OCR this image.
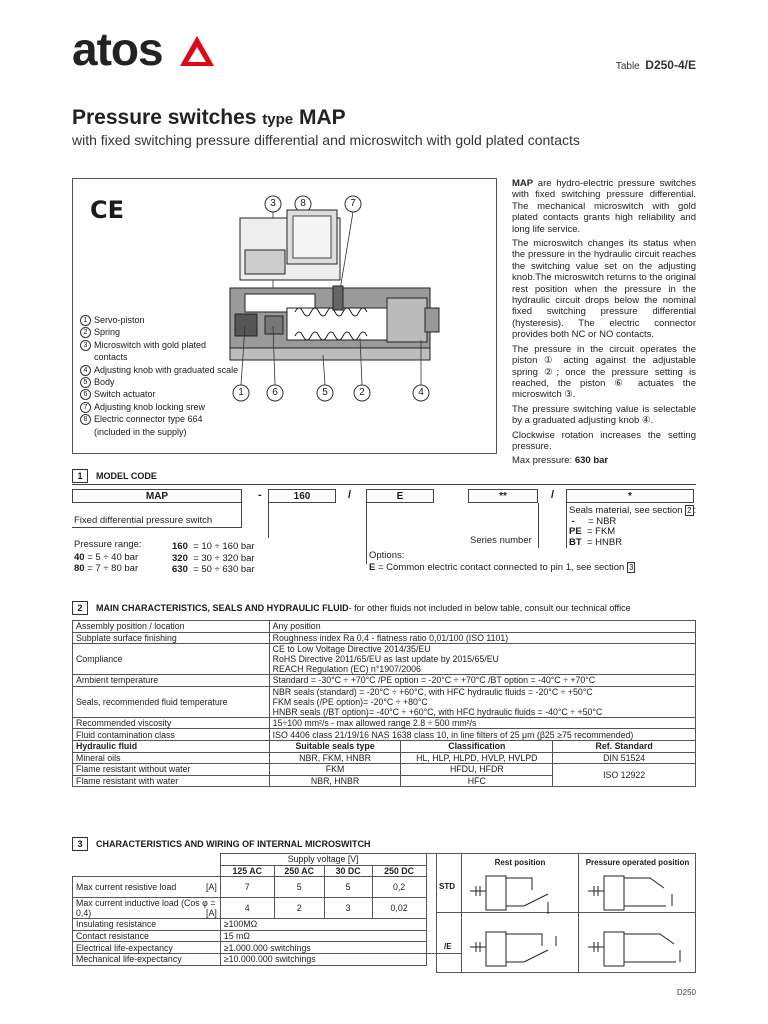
atos	Table D250-4/E
Pressure switches type MAP
with fixed switching pressure differential and microswitch with gold plated contacts
CE	3 8	7
1	6	5	2	4
1 Servo-piston
2 Spring
3 Microswitch with gold plated contacts
4 Adjusting knob with graduated scale
5 Body
6 Switch actuator
7 Adjusting knob locking srew
8 Electric connector type 664 (included in the supply)

MAP are hydro-electric pressure switches with fixed switching pressure differential. The mechanical microswitch with gold plated contacts grants high reliability and long life service.

The microswitch changes its status when the pressure in the hydraulic circuit reaches the switching value set on the adjusting knob.The microswitch returns to the original rest position when the pressure in the hydraulic circuit drops below the nominal fixed switching pressure differential (hysteresis). The electric connector provides both NC or NO contacts.

The pressure in the circuit operates the piston ① acting against the adjustable spring ②; once the pressure setting is reached, the piston ⑥ actuates the microswitch ③.

The pressure switching value is selectable by a graduated adjusting knob ④.

Clockwise rotation increases the setting pressure.

Max pressure: 630 bar

1	MODEL CODE
MAP	-	160	/	E	**	/	*
Fixed differential pressure switch
Pressure range:
40 = 5 ÷ 40 bar
80 = 7 ÷ 80 bar
160 = 10 ÷ 160 bar
320 = 30 ÷ 320 bar
630 = 50 ÷ 630 bar
Options:
E = Common electric contact connected to pin 1, see section 3
Series number
Seals material, see section 2 :
- = NBR
PE = FKM
BT = HNBR
2	MAIN CHARACTERISTICS, SEALS AND HYDRAULIC FLUID - for other fluids not included in below table, consult our technical office
Assembly position / location	Any position		

Subplate surface finishing	Roughness index Ra 0,4 - flatness ratio 0,01/100 (ISO 1101)		

Compliance	CE to Low Voltage Directive 2014/35/EU
RoHS Directive 2011/65/EU as last update by 2015/65/EU
REACH Regulation (EC) n°1907/2006		

Ambient temperature	Standard = -30°C ÷ +70°C /PE option = -20°C ÷ +70°C /BT option = -40°C ÷ +70°C		

Seals, recommended fluid temperature	NBR seals (standard) = -20°C ÷ +60°C, with HFC hydraulic fluids = -20°C ÷ +50°C
FKM seals (/PE option)= -20°C ÷ +80°C
HNBR seals (/BT option)= -40°C ÷ +60°C, with HFC hydraulic fluids = -40°C ÷ +50°C		

Recommended viscosity	15÷100 mm²/s - max allowed range 2.8 ÷ 500 mm²/s		

Fluid contamination class	ISO 4406 class 21/19/16 NAS 1638 class 10, in line filters of 25 μm (β25 ≥75 recommended)		

Hydraulic fluid	Suitable seals type	Classification	Ref. Standard
Mineral oils	NBR, FKM, HNBR	HL, HLP, HLPD, HVLP, HVLPD	DIN 51524
Flame resistant without water	FKM	HFDU, HFDR	ISO 12922
Flame resistant with water	NBR, HNBR	HFC	
3	CHARACTERISTICS AND WIRING OF INTERNAL MICROSWITCH
	Supply voltage [V]				
	125 AC	250 AC	30 DC	250 DC	
Max current resistive load [A]	7	5	5	0,2	
Max current inductive load (Cos φ = 0,4) [A]	4	2	3	0,02	
Insulating resistance	≥100MΩ				
Contact resistance	15 mΩ				
Electrical life-expectancy	≥1.000.000 switchings				
Mechanical life-expectancy	≥10.000.000 switchings				
Rest position	Pressure operated position
STD
/E
D250
